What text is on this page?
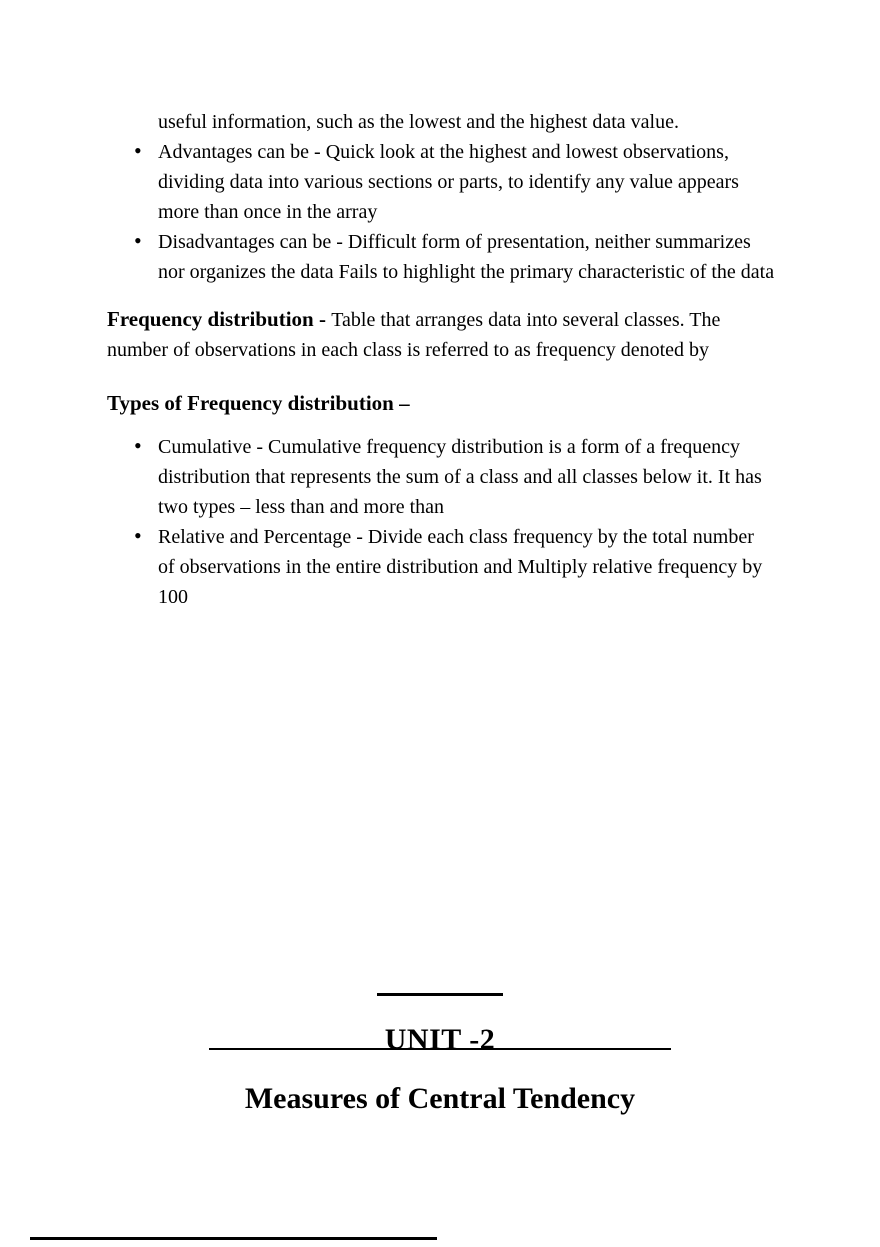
useful information, such as the lowest and the highest data value.

• Advantages can be - Quick look at the highest and lowest observations, dividing data into various sections or parts, to identify any value appears more than once in the array
• Disadvantages can be - Difficult form of presentation, neither summarizes nor organizes the data Fails to highlight the primary characteristic of the data

Frequency distribution - Table that arranges data into several classes. The number of observations in each class is referred to as frequency denoted by

Types of Frequency distribution –
• Cumulative - Cumulative frequency distribution is a form of a frequency distribution that represents the sum of a class and all classes below it. It has two types – less than and more than
• Relative and Percentage - Divide each class frequency by the total number of observations in the entire distribution and Multiply relative frequency by 100
UNIT -2
Measures of Central Tendency
